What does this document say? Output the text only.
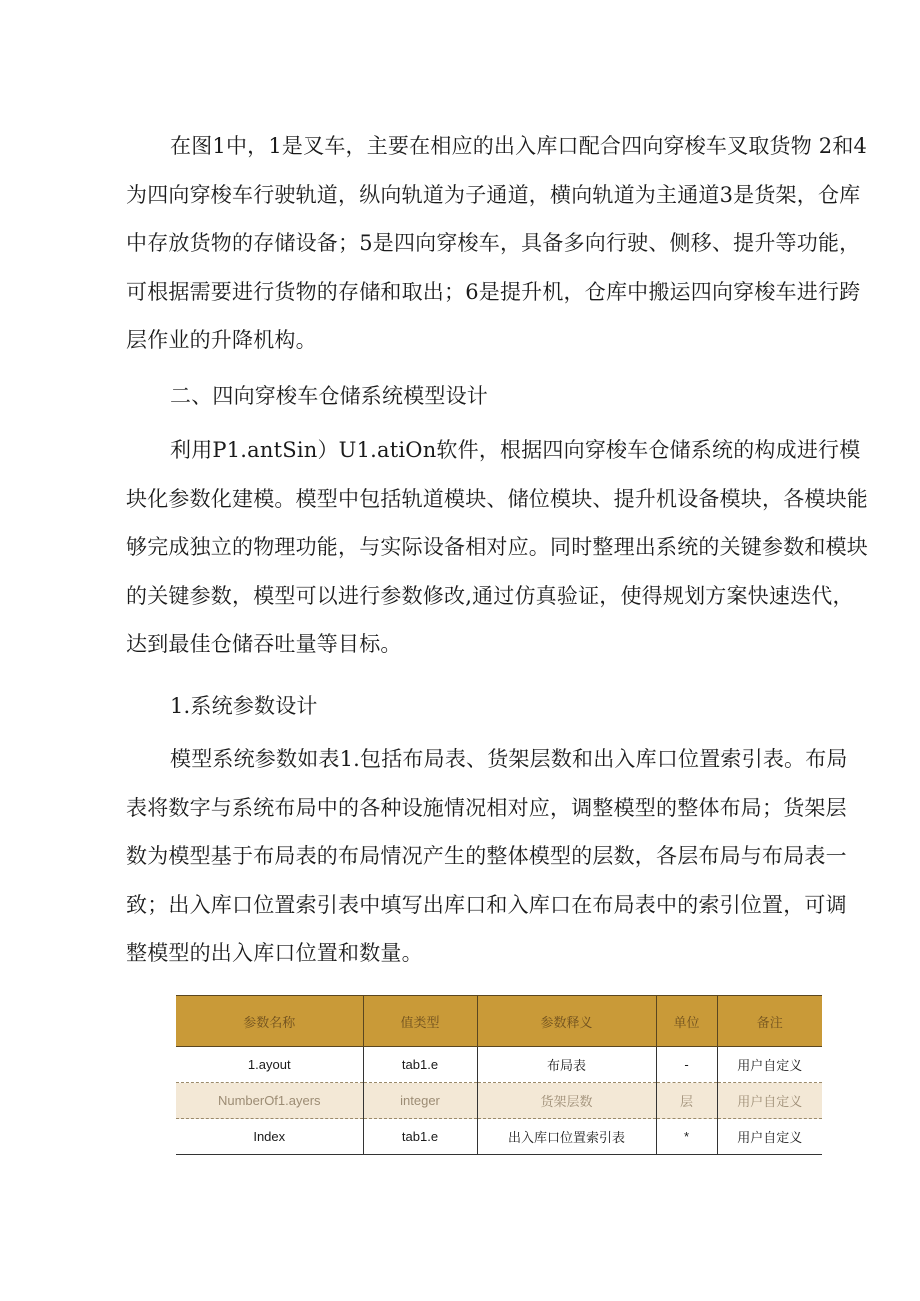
在图1中，1是叉车，主要在相应的出入库口配合四向穿梭车叉取货物 2和4
为四向穿梭车行驶轨道，纵向轨道为子通道，横向轨道为主通道3是货架，仓库
中存放货物的存储设备；5是四向穿梭车，具备多向行驶、侧移、提升等功能，
可根据需要进行货物的存储和取出；6是提升机，仓库中搬运四向穿梭车进行跨
层作业的升降机构。

二、四向穿梭车仓储系统模型设计

利用P1.antSin）U1.atiOn软件，根据四向穿梭车仓储系统的构成进行模
块化参数化建模。模型中包括轨道模块、储位模块、提升机设备模块，各模块能
够完成独立的物理功能，与实际设备相对应。同时整理出系统的关键参数和模块
的关键参数，模型可以进行参数修改,通过仿真验证，使得规划方案快速迭代，
达到最佳仓储吞吐量等目标。

1.系统参数设计

模型系统参数如表1.包括布局表、货架层数和出入库口位置索引表。布局
表将数字与系统布局中的各种设施情况相对应，调整模型的整体布局；货架层
数为模型基于布局表的布局情况产生的整体模型的层数，各层布局与布局表一
致；出入库口位置索引表中填写出库口和入库口在布局表中的索引位置，可调
整模型的出入库口位置和数量。

参数名称	值类型	参数释义	单位	备注
1.ayout	tab1.e	布局表	-	用户自定义
NumberOf1.ayers	integer	货架层数	层	用户自定义
Index	tab1.e	出入库口位置索引表	*	用户自定义
